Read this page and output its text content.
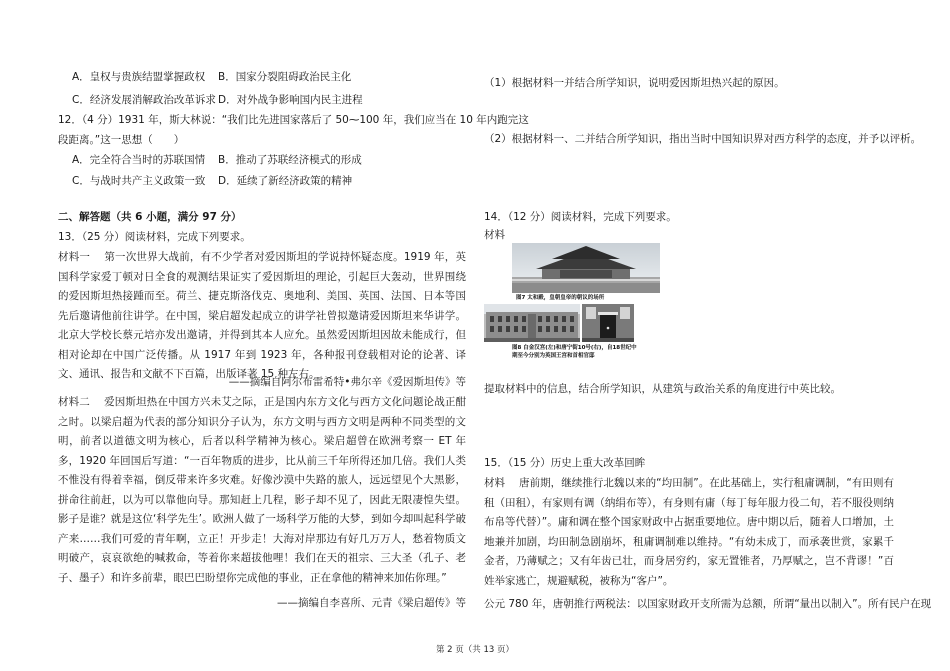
A．皇权与贵族结盟掌握政权 B．国家分裂阻碍政治民主化
C．经济发展消解政治改革诉求 D．对外战争影响国内民主进程
12．（4 分）1931 年，斯大林说：“我们比先进国家落后了 50⁓100 年，我们应当在 10 年内跑完这
段距离。”这一思想（　　）
A．完全符合当时的苏联国情 B．推动了苏联经济模式的形成
C．与战时共产主义政策一致 D．延续了新经济政策的精神
二、解答题（共 6 小题，满分 97 分）
13．（25 分）阅读材料，完成下列要求。
材料一　 第一次世界大战前，有不少学者对爱因斯坦的学说持怀疑态度。1919 年，英国科学家爱丁顿对日全食的观测结果证实了爱因斯坦的理论，引起巨大轰动，世界围绕的爱因斯坦热接踵而至。荷兰、捷克斯洛伐克、奥地利、美国、英国、法国、日本等国先后邀请他前往讲学。在中国，梁启超发起成立的讲学社曾拟邀请爱因斯坦来华讲学。北京大学校长蔡元培亦发出邀请，并得到其本人应允。虽然爱因斯坦因故未能成行，但相对论却在中国广泛传播。从 1917 年到 1923 年，各种报刊登载相对论的论著、译文、通讯、报告和文献不下百篇，出版译著 15 种左右。
——摘编自阿尔布雷希特•弗尔辛《爱因斯坦传》等
材料二　 爱因斯坦热在中国方兴未艾之际，正是国内东方文化与西方文化问题论战正酣之时。以梁启超为代表的部分知识分子认为，东方文明与西方文明是两种不同类型的文明，前者以道德文明为核心，后者以科学精神为核心。梁启超曾在欧洲考察一 ET 年多，1920 年回国后写道：“一百年物质的进步，比从前三千年所得还加几倍。我们人类不惟没有得着幸福，倒反带来许多灾难。好像沙漠中失路的旅人，远远望见个大黑影，拼命往前赶，以为可以靠他向导。那知赶上几程，影子却不见了，因此无限凄惶失望。影子是谁？就是这位‘科学先生’。欧洲人做了一场科学万能的大梦，到如今却叫起科学破产来……我们可爱的青年啊，立正！开步走！大海对岸那边有好几万万人，愁着物质文明破产，哀哀欲绝的喊救命，等着你来超拔他哩！我们在天的祖宗、三大圣（孔子、老子、墨子）和许多前辈，眼巴巴盼望你完成他的事业，正在拿他的精神来加佑你理。”
——摘编自李喜所、元青《梁启超传》等
（1）根据材料一并结合所学知识，说明爱因斯坦热兴起的原因。
（2）根据材料一、二并结合所学知识，指出当时中国知识界对西方科学的态度，并予以评析。
14．（12 分）阅读材料，完成下列要求。
材料
图7 太和殿，皇朝皇帝的朝议的场所
图8 白金汉宫(左)和唐宁街10号(右)，自18世纪中期至今分别为英国王宫和首相官邸
提取材料中的信息，结合所学知识，从建筑与政治关系的角度进行中英比较。
15．（15 分）历史上重大改革回眸
材料　 唐前期，继续推行北魏以来的“均田制”。在此基础上，实行租庸调制，“有田则有租（田租），有家则有调（纳绢布等），有身则有庸（每丁每年服力役二旬，若不服役则纳布帛等代替）”。庸和调在整个国家财政中占据重要地位。唐中期以后，随着人口增加，土地兼并加剧，均田制急剧崩坏，租庸调制难以维持。“有幼未成丁，而承袭世赏，家累千金者，乃薄赋之；又有年齿已壮，而身居穷约，家无置锥者，乃厚赋之，岂不背谬！”百姓举家逃亡，规避赋税，被称为“客户”。
公元 780 年，唐朝推行两税法：以国家财政开支所需为总额，所谓“量出以制入”。所有民户在现
第 2 页（共 13 页）
